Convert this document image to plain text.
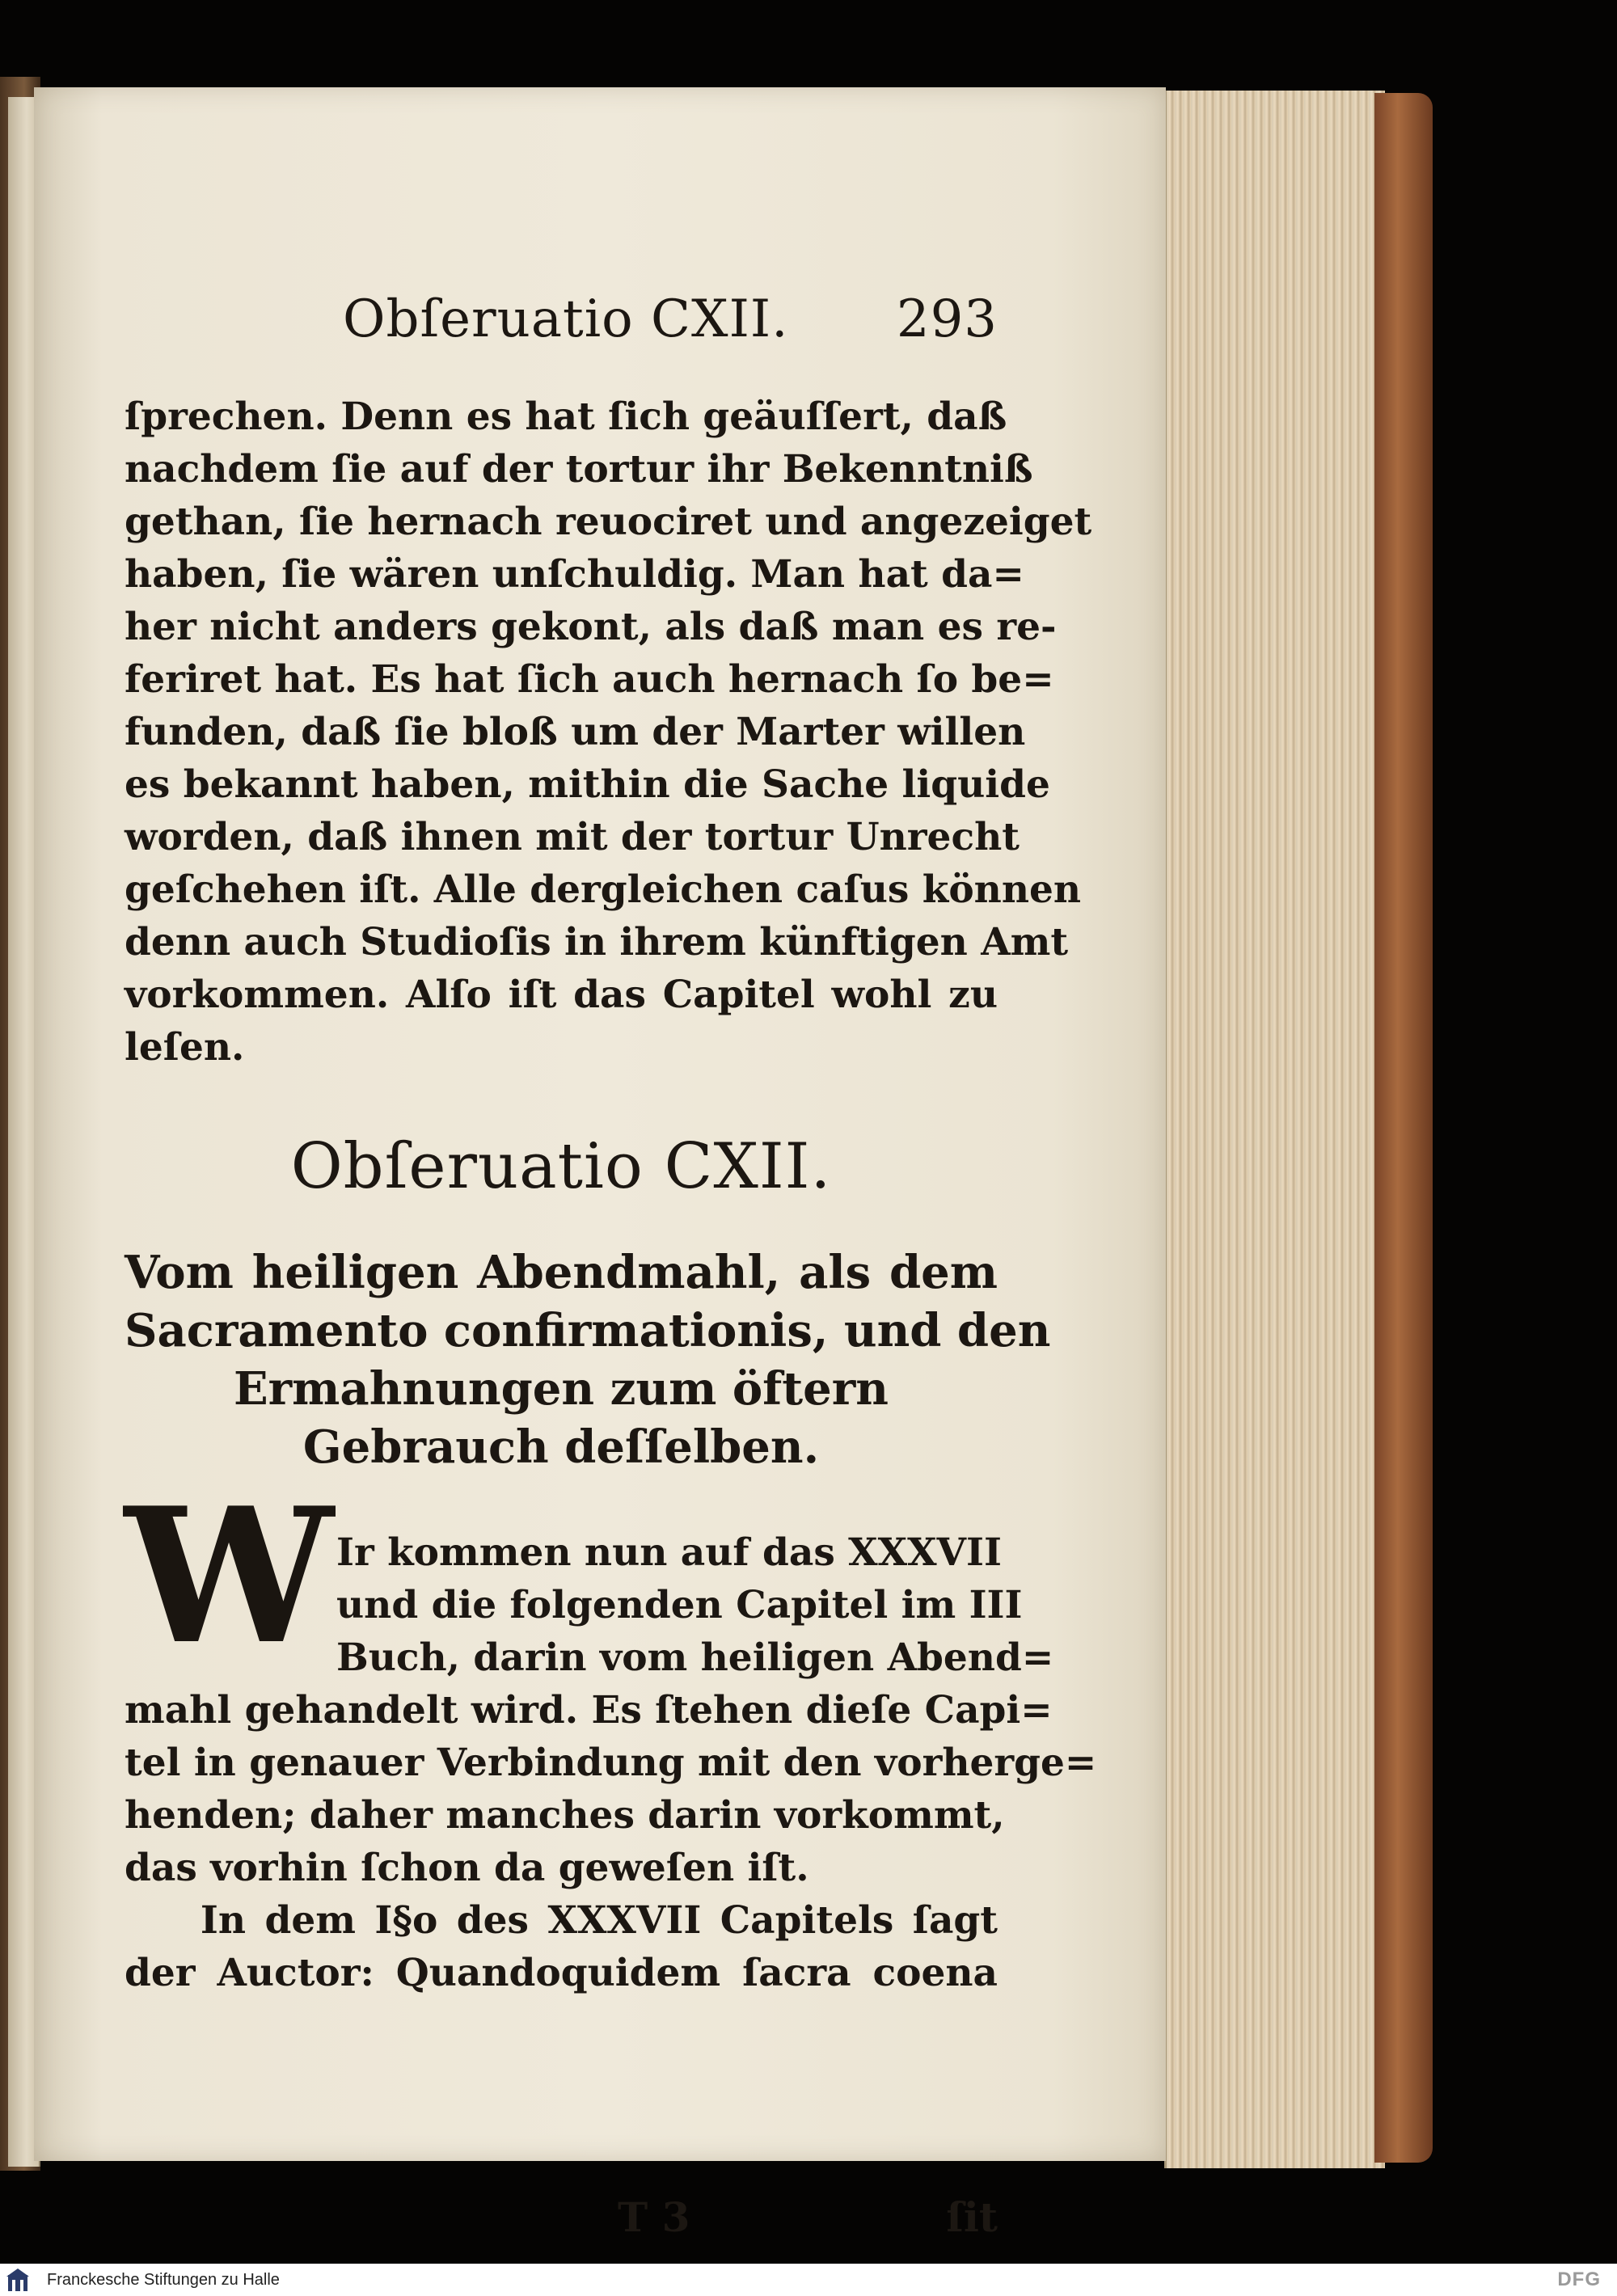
Obſeruatio CXII. 293
ſprechen. Denn es hat ſich geäuſſert, daß
nachdem ſie auf der tortur ihr Bekenntniß
gethan, ſie hernach reuociret und angezeiget
haben, ſie wären unſchuldig. Man hat da=
her nicht anders gekont, als daß man es re-
feriret hat. Es hat ſich auch hernach ſo be=
funden, daß ſie bloß um der Marter willen
es bekannt haben, mithin die Sache liquide
worden, daß ihnen mit der tortur Unrecht
geſchehen iſt. Alle dergleichen caſus können
denn auch Studioſis in ihrem künftigen Amt
vorkommen. Alſo iſt das Capitel wohl zu
leſen.
Obſeruatio CXII.
Vom heiligen Abendmahl, als dem
Sacramento confirmationis, und den
Ermahnungen zum öftern
Gebrauch deſſelben.
W Ir kommen nun auf das XXXVII
und die folgenden Capitel im III
Buch, darin vom heiligen Abend=
mahl gehandelt wird. Es ſtehen dieſe Capi=
tel in genauer Verbindung mit den vorherge=
henden; daher manches darin vorkommt,
das vorhin ſchon da geweſen iſt.
In dem I§o des XXXVII Capitels ſagt
der Auctor: Quandoquidem ſacra coena
T 3	ſit
Franckesche Stiftungen zu Halle	DFG
